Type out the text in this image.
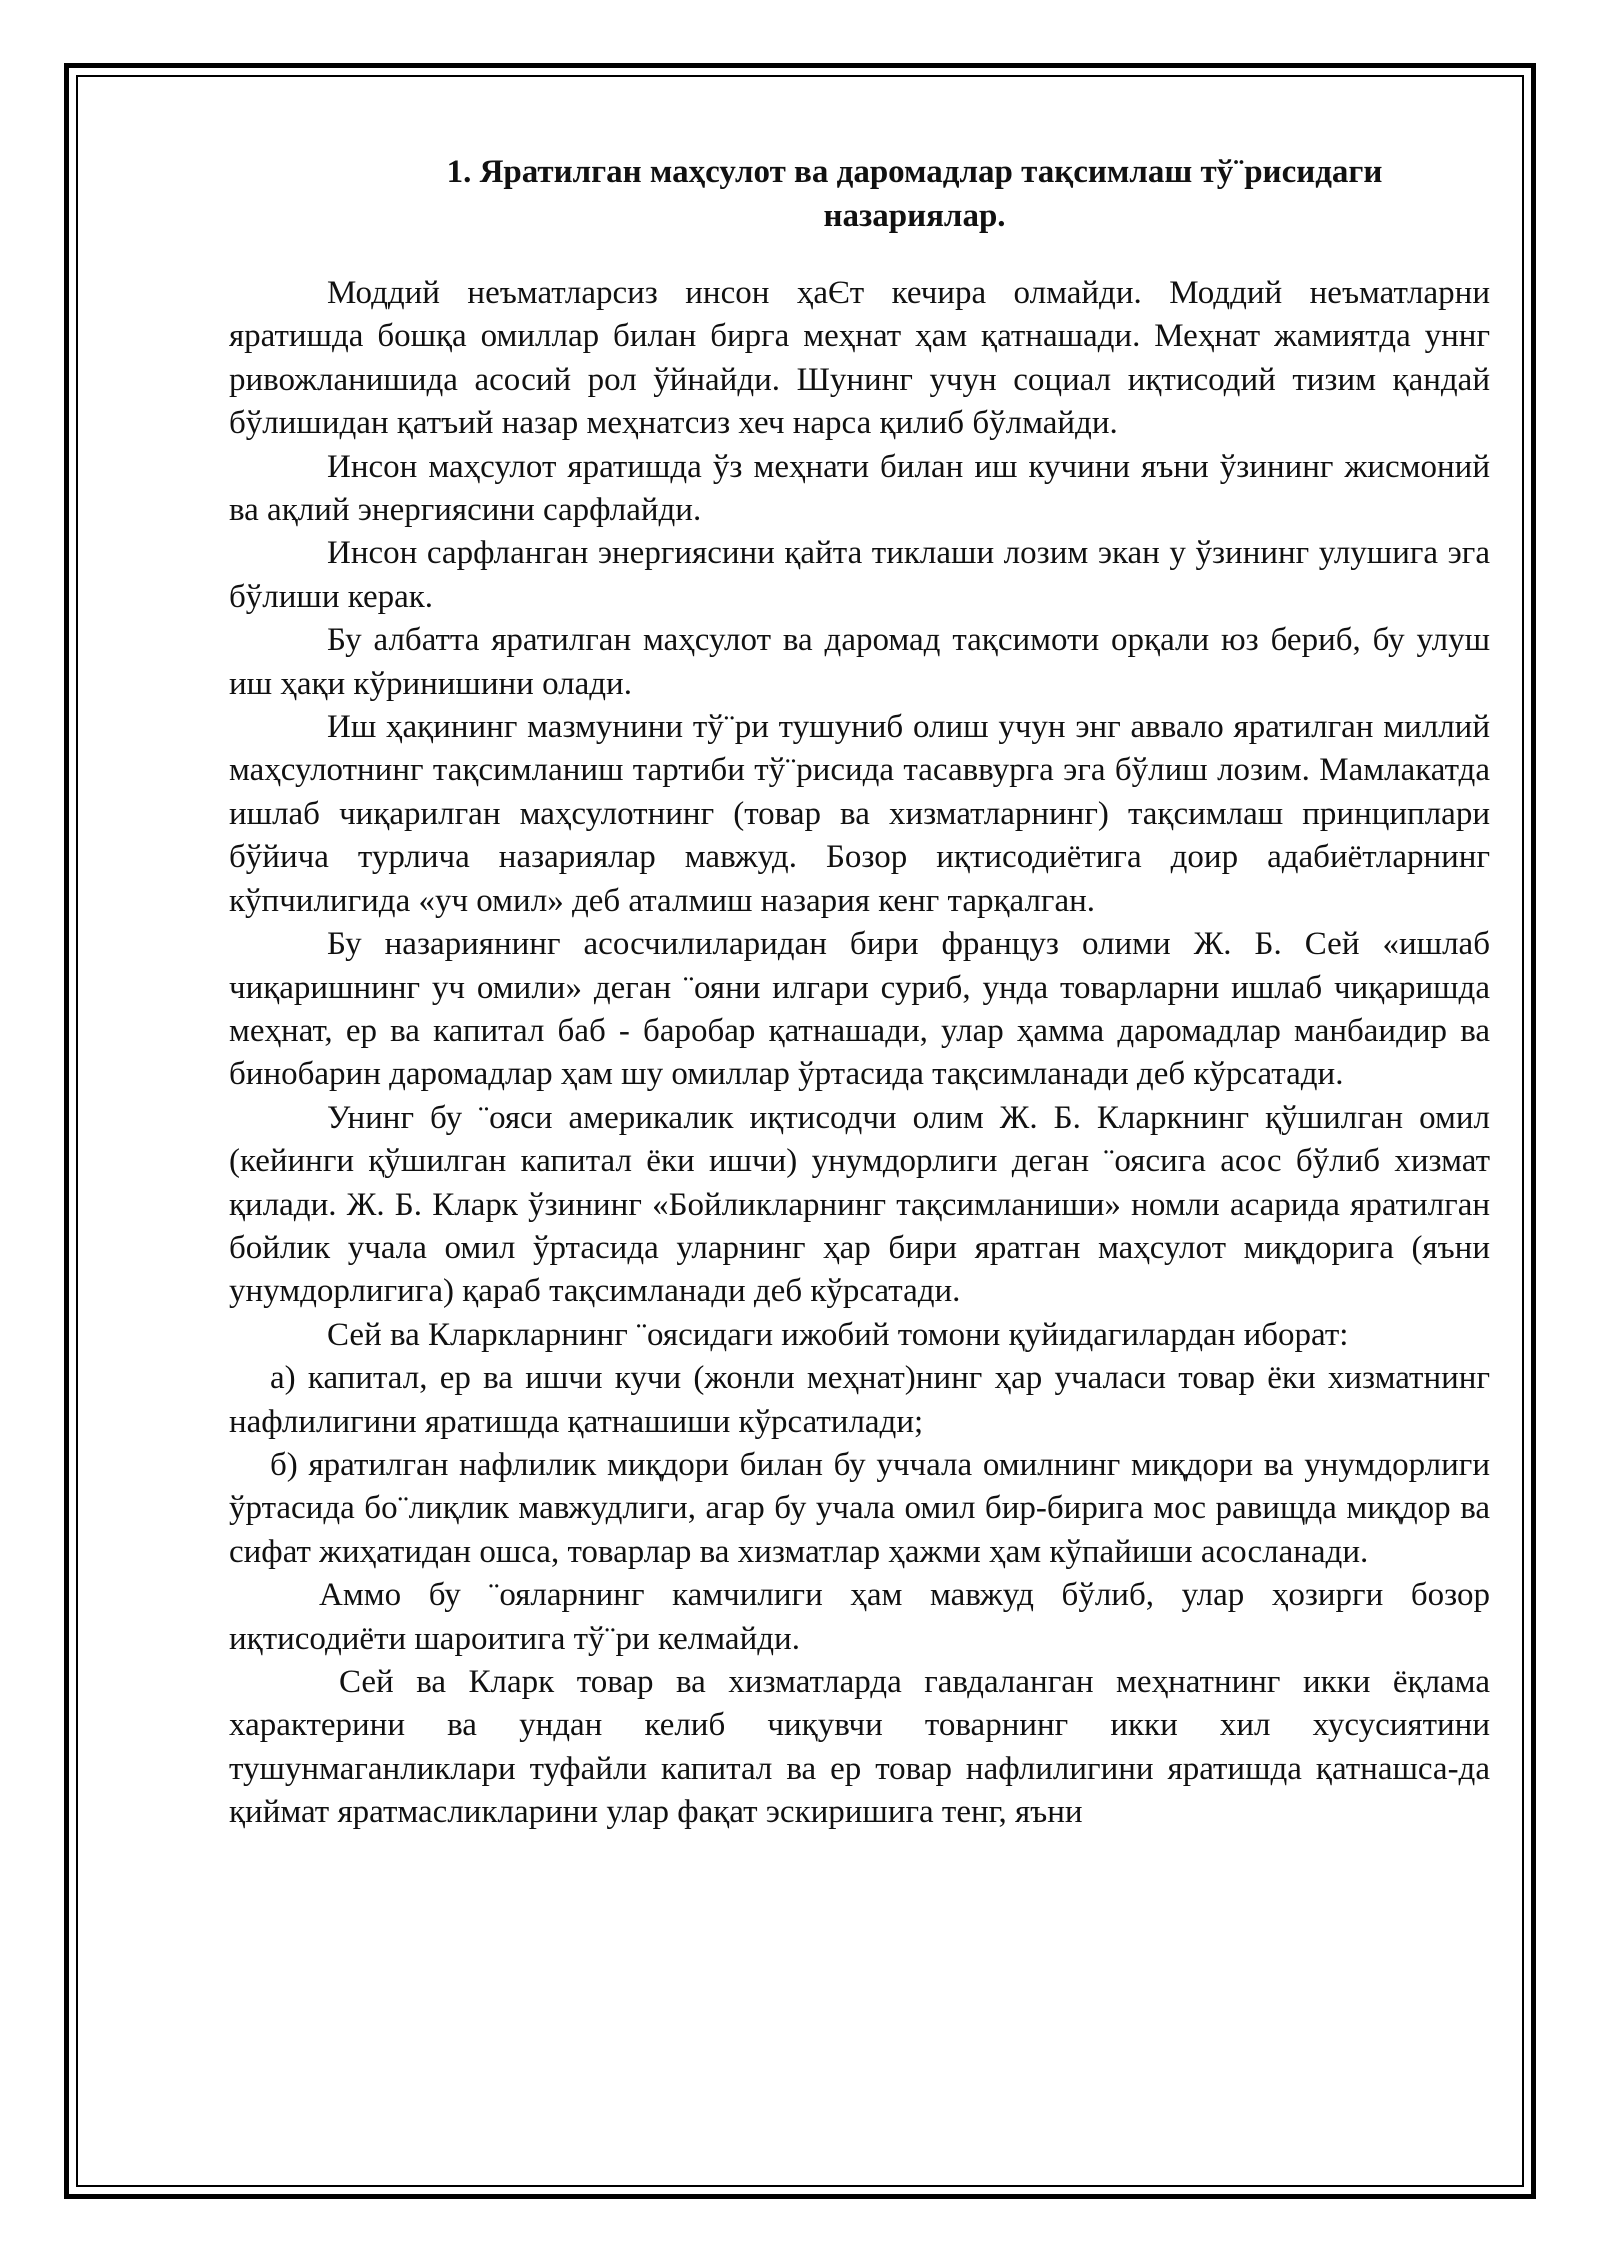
1. Яратилган маҳсулот ва даромадлар тақсимлаш тў¨рисидаги
назариялар.

Моддий неъматларсиз инсон ҳаЄт кечира олмайди. Моддий неъматларни яратишда бошқа омиллар билан бирга меҳнат ҳам қатнашади. Меҳнат жамиятда уннг ривожланишида асосий рол ўйнайди. Шунинг учун социал иқтисодий тизим қандай бўлишидан қатъий назар меҳнатсиз хеч нарса қилиб бўлмайди.

Инсон маҳсулот яратишда ўз меҳнати билан иш кучини яъни ўзининг жисмоний ва ақлий энергиясини сарфлайди.

Инсон сарфланган энергиясини қайта тиклаши лозим экан у ўзининг улушига эга бўлиши керак.

Бу албатта яратилган маҳсулот ва даромад тақсимоти орқали юз бериб, бу улуш иш ҳақи кўринишини олади.

Иш ҳақининг мазмунини тў¨ри тушуниб олиш учун энг аввало яратилган миллий маҳсулотнинг тақсимланиш тартиби тў¨рисида тасаввурга эга бўлиш лозим. Мамлакатда ишлаб чиқарилган маҳсулотнинг (товар ва хизматларнинг) тақсимлаш принциплари бўйича турлича назариялар мавжуд. Бозор иқтисодиётига доир адабиётларнинг кўпчилигида «уч омил» деб аталмиш назария кенг тарқалган.

Бу назариянинг асосчилиларидан бири француз олими Ж. Б. Сей «ишлаб чиқаришнинг уч омили» деган ¨ояни илгари суриб, унда товарларни ишлаб чиқаришда меҳнат, ер ва капитал баб - баробар қатнашади, улар ҳамма даромадлар манбаидир ва бинобарин даромадлар ҳам шу омиллар ўртасида тақсимланади деб кўрсатади.

Унинг бу ¨ояси америкалик иқтисодчи олим Ж. Б. Кларкнинг қўшилган омил (кейинги қўшилган капитал ёки ишчи) унумдорлиги деган ¨оясига асос бўлиб хизмат қилади. Ж. Б. Кларк ўзининг «Бойликларнинг тақсимланиши» номли асарида яратилган бойлик учала омил ўртасида уларнинг ҳар бири яратган маҳсулот миқдорига (яъни унумдорлигига) қараб тақсимланади деб кўрсатади.

Сей ва Кларкларнинг ¨оясидаги ижобий томони қуйидагилардан иборат:

а) капитал, ер ва ишчи кучи (жонли меҳнат)нинг ҳар учаласи товар ёки хизматнинг нафлилигини яратишда қатнашиши кўрсатилади;

б) яратилган нафлилик миқдори билан бу уччала омилнинг миқдори ва унумдорлиги ўртасида бо¨лиқлик мавжудлиги, агар бу учала омил бир-бирига мос равищда миқдор ва сифат жиҳатидан ошса, товарлар ва хизматлар ҳажми ҳам кўпайиши асосланади.

Аммо бу ¨ояларнинг камчилиги ҳам мавжуд бўлиб, улар ҳозирги бозор иқтисодиёти шароитига тў¨ри келмайди.

Сей ва Кларк товар ва хизматларда гавдаланган меҳнатнинг икки ёқлама характерини ва ундан келиб чиқувчи товарнинг икки хил хусусиятини тушунмаганликлари туфайли капитал ва ер товар нафлилигини яратишда қатнашса-да қиймат яратмасликларини улар фақат эскиришига тенг, яъни
